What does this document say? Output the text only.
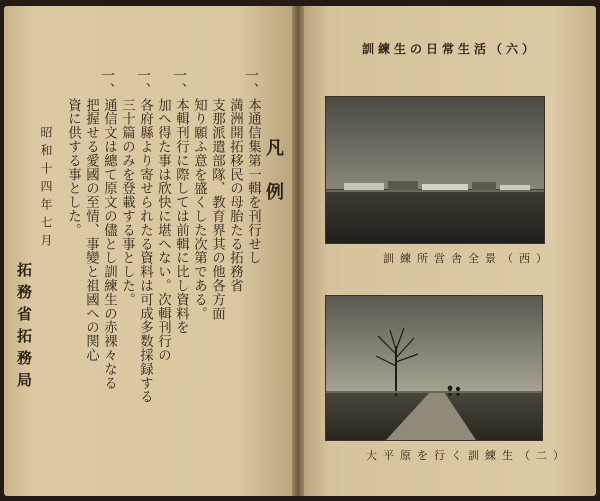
凡例
一、
本通信集第一輯を刊行せし
満洲開拓移民の母胎たる拓務省
支那派遣部隊、教育界其の他各方面
知り願ふ意を盛くした次第である。
一、
本輯刊行に際しては前輯に比し資料を
加へ得た事は欣快に堪へない。次輯刊行の
一、
各府縣より寄せられたる資料は可成多数採録する
三十篇のみを登載する事とした。
一、
通信文は總て原文の儘とし訓練生の赤裸々なる
把握せる愛國の至情、事變と祖國への関心
資に供する事とした。
昭和十四年七月
拓務省拓務局
訓練生の日常生活（六）
訓練所営舎全景（西）
大平原を行く訓練生（二）
